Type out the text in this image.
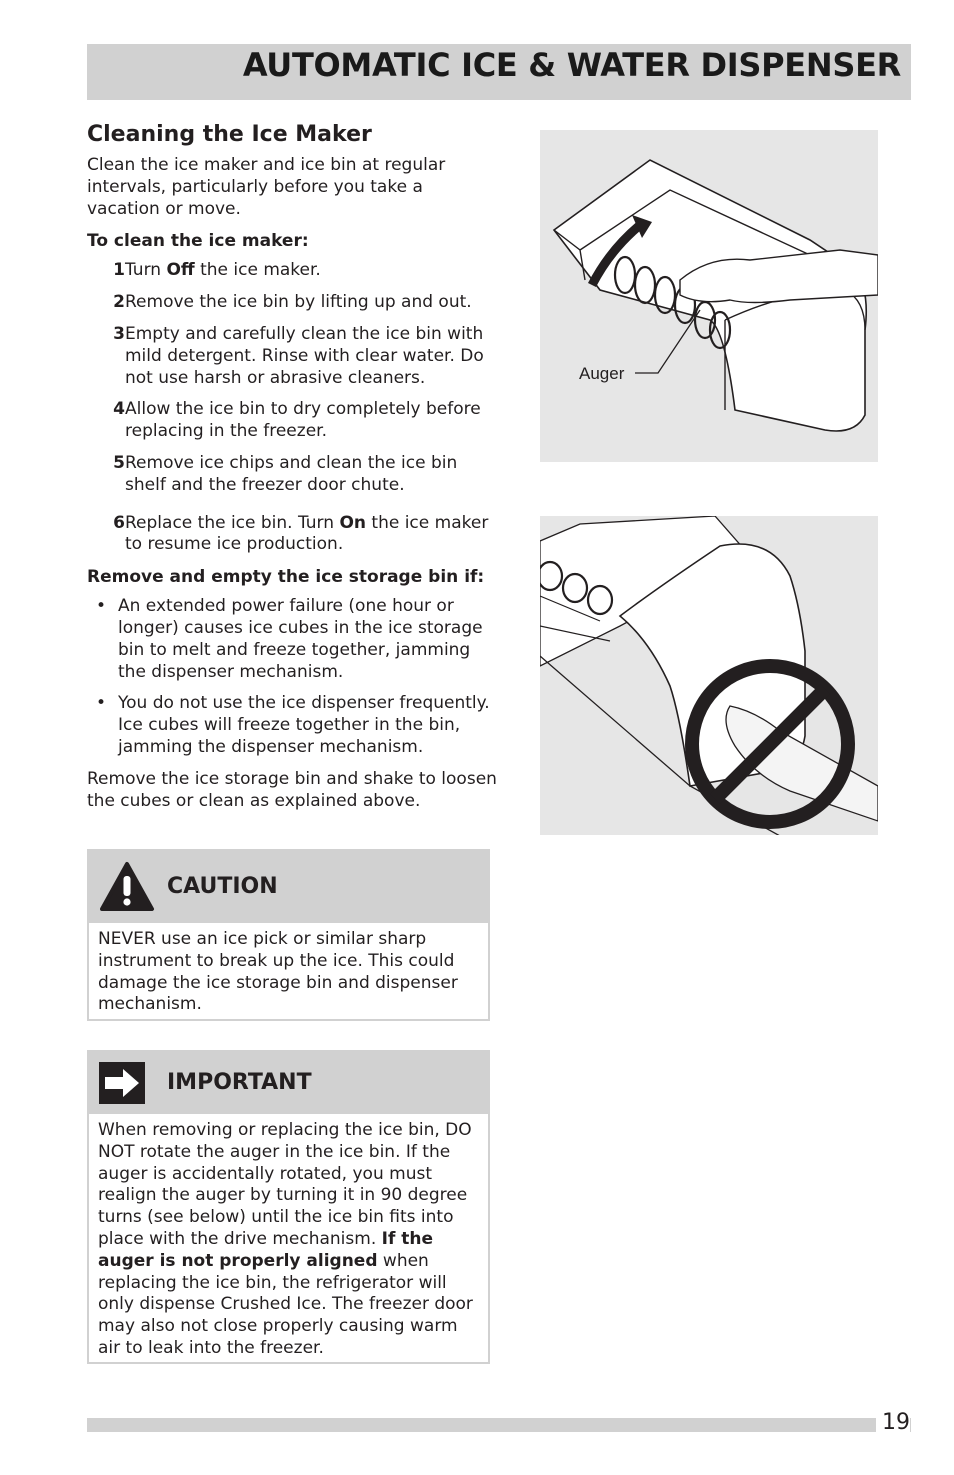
AUTOMATIC ICE & WATER DISPENSER
Cleaning the Ice Maker

Clean the ice maker and ice bin at regular intervals, particularly before you take a vacation or move.

To clean the ice maker:
1 Turn Off the ice maker.
2 Remove the ice bin by lifting up and out.
3 Empty and carefully clean the ice bin with mild detergent. Rinse with clear water. Do not use harsh or abrasive cleaners.
4 Allow the ice bin to dry completely before replacing in the freezer.
5 Remove ice chips and clean the ice bin shelf and the freezer door chute.
6 Replace the ice bin. Turn On the ice maker to resume ice production.
Remove and empty the ice storage bin if:
• An extended power failure (one hour or longer) causes ice cubes in the ice storage bin to melt and freeze together, jamming the dispenser mechanism.
• You do not use the ice dispenser frequently. Ice cubes will freeze together in the bin, jamming the dispenser mechanism.

Remove the ice storage bin and shake to loosen the cubes or clean as explained above.

CAUTION
NEVER use an ice pick or similar sharp instrument to break up the ice. This could damage the ice storage bin and dispenser mechanism.
IMPORTANT
When removing or replacing the ice bin, DO NOT rotate the auger in the ice bin. If the auger is accidentally rotated, you must realign the auger by turning it in 90 degree turns (see below) until the ice bin fits into place with the drive mechanism. If the auger is not properly aligned when replacing the ice bin, the refrigerator will only dispense Crushed Ice. The freezer door may also not close properly causing warm air to leak into the freezer.
Auger
19
